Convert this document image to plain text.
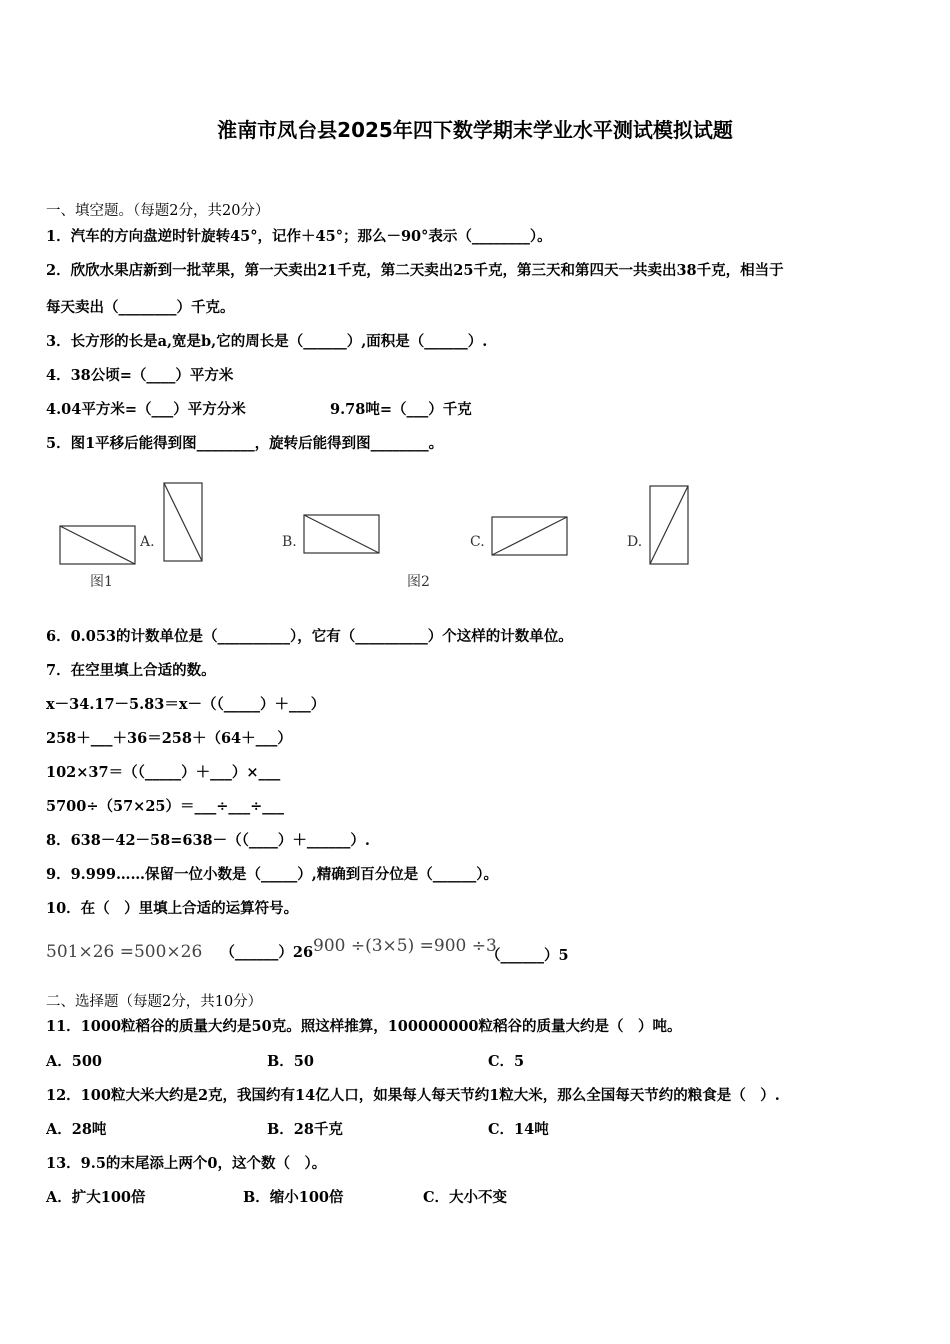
淮南市凤台县2025年四下数学期末学业水平测试模拟试题
一、填空题。（每题2分，共20分）
1．汽车的方向盘逆时针旋转45°，记作＋45°；那么－90°表示（________）。
2．欣欣水果店新到一批苹果，第一天卖出21千克，第二天卖出25千克，第三天和第四天一共卖出38千克，相当于
每天卖出（________）千克。
3．长方形的长是a,宽是b,它的周长是（______）,面积是（______）.
4．38公顷=（____）平方米
4.04平方米=（___）平方分米	9.78吨=（___）千克
5．图1平移后能得到图________，旋转后能得到图________。
A.	B.	C.	D.
图1	图2
6．0.053的计数单位是（__________），它有（__________）个这样的计数单位。
7．在空里填上合适的数。
x－34.17－5.83＝x－（（_____）＋___）
258＋___＋36＝258＋（64＋___）
102×37＝（（_____）＋___）×___
5700÷（57×25）＝___÷___÷___
8．638－42－58=638－（（____）＋______）.
9．9.999……保留一位小数是（_____）,精确到百分位是（______）。
10．在（　）里填上合适的运算符号。
501×26 =500×26 （______）26 900 ÷(3×5) =900 ÷3
（______）5
二、选择题（每题2分，共10分）
11．1000粒稻谷的质量大约是50克。照这样推算，100000000粒稻谷的质量大约是（　）吨。
A．500	B．50	C．5
12．100粒大米大约是2克，我国约有14亿人口，如果每人每天节约1粒大米，那么全国每天节约的粮食是（　）.
A．28吨	B．28千克	C．14吨
13．9.5的末尾添上两个0，这个数（　）。
A．扩大100倍	B．缩小100倍	C．大小不变
